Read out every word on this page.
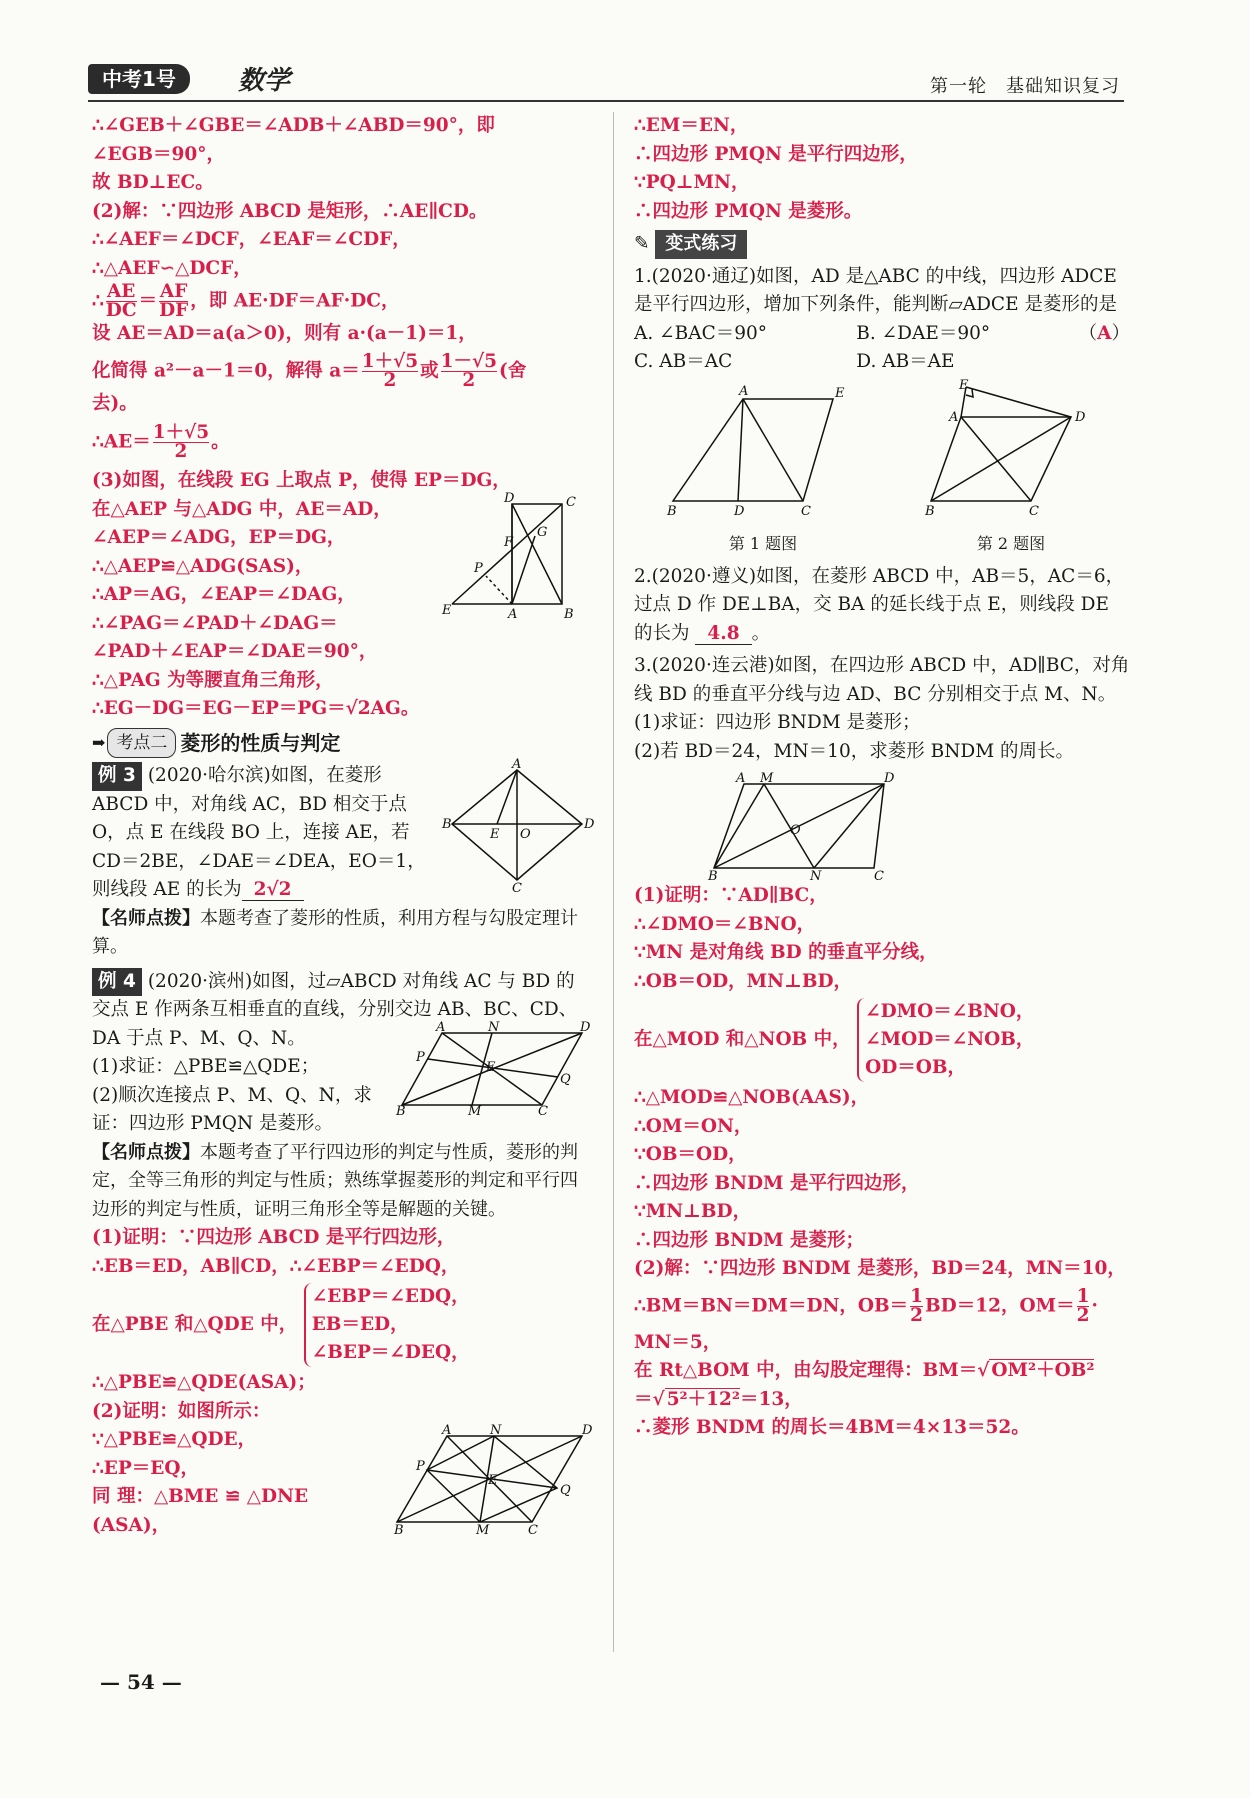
中考1号	数学	第一轮　基础知识复习
∴∠GEB＋∠GBE＝∠ADB＋∠ABD＝90°，即
∠EGB＝90°，
故 BD⊥EC。
(2)解：∵四边形 ABCD 是矩形，∴AE∥CD。
∴∠AEF＝∠DCF，∠EAF＝∠CDF，
∴△AEF∽△DCF，
∴ $\frac{AE}{DC} = \frac{AF}{DF}$ ，即 AE·DF＝AF·DC，
设 AE＝AD＝a(a＞0)，则有 a·(a－1)＝1，
化简得 a²－a－1＝0，解得 $a= \frac{1+√5}{2}$ 或 $\frac{1-√5}{2}$ (舍
去)。
∴AE＝ $\frac{1+√5}{2}$ 。
(3)如图，在线段 EG 上取点 P，使得 EP＝DG，
D	C
E	A	B
G
F
P
在△AEP 与△ADG 中，AE＝AD，
∠AEP＝∠ADG，EP＝DG，
∴△AEP≌△ADG(SAS)，
∴AP＝AG，∠EAP＝∠DAG，
∴∠PAG＝∠PAD＋∠DAG＝
∠PAD＋∠EAP＝∠DAE＝90°，
∴△PAG 为等腰直角三角形，
∴EG－DG＝EG－EP＝PG＝√2AG。
➡ 考点二 菱形的性质与判定
A
B	D
C
E O
例 3 (2020·哈尔滨)如图，在菱形 ABCD 中，对角线 AC，BD 相交于点 O，点 E 在线段 BO 上，连接 AE，若 CD＝2BE，∠DAE＝∠DEA，EO＝1，则线段 AE 的长为 2√2
【名师点拨】本题考查了菱形的性质，利用方程与勾股定理计算。
例 4 (2020·滨州)如图，过▱ABCD 对角线 AC 与 BD 的交点 E 作两条互相垂直的直线，分别交边 AB、BC、CD、DA 于点 P、M、Q、N。
A	N	D
P
E
Q
B	M	C
(1)求证：△PBE≌△QDE；
(2)顺次连接点 P、M、Q、N，求证：四边形 PMQN 是菱形。
【名师点拨】本题考查了平行四边形的判定与性质，菱形的判定，全等三角形的判定与性质；熟练掌握菱形的判定和平行四边形的判定与性质，证明三角形全等是解题的关键。
(1)证明：∵四边形 ABCD 是平行四边形，
∴EB＝ED，AB∥CD，∴∠EBP＝∠EDQ，
在△PBE 和△QDE 中，
∠EBP＝∠EDQ，
EB＝ED，
∠BEP＝∠DEQ，
∴△PBE≌△QDE(ASA)；
(2)证明：如图所示：
A	N	D
P
E
Q
B	M	C
∵△PBE≌△QDE，
∴EP＝EQ，
同 理：△BME ≌ △DNE
(ASA)，
∴EM＝EN，
∴四边形 PMQN 是平行四边形，
∵PQ⊥MN，
∴四边形 PMQN 是菱形。
✎ 变式练习
1.(2020·通辽)如图，AD 是△ABC 的中线，四边形 ADCE 是平行四边形，增加下列条件，能判断▱ADCE 是菱形的是
（A）
A. ∠BAC＝90°	B. ∠DAE＝90°
C. AB＝AC	D. AB＝AE
A	E
B	D	C
第 1 题图
E
A	D
B	C
第 2 题图
2.(2020·遵义)如图，在菱形 ABCD 中，AB＝5，AC＝6，过点 D 作 DE⊥BA，交 BA 的延长线于点 E，则线段 DE 的长为 4.8 。
3.(2020·连云港)如图，在四边形 ABCD 中，AD∥BC，对角线 BD 的垂直平分线与边 AD、BC 分别相交于点 M、N。
(1)求证：四边形 BNDM 是菱形；
(2)若 BD＝24，MN＝10，求菱形 BNDM 的周长。
A M	D
O
B	N	C
(1)证明：∵AD∥BC，
∴∠DMO＝∠BNO，
∵MN 是对角线 BD 的垂直平分线，
∴OB＝OD，MN⊥BD，
在△MOD 和△NOB 中，
∠DMO＝∠BNO，
∠MOD＝∠NOB，
OD＝OB，
∴△MOD≌△NOB(AAS)，
∴OM＝ON，
∵OB＝OD，
∴四边形 BNDM 是平行四边形，
∵MN⊥BD，
∴四边形 BNDM 是菱形；
(2)解：∵四边形 BNDM 是菱形，BD＝24，MN＝10，
∴BM＝BN＝DM＝DN，$OB= \frac{1}{2} BD=12$，$OM= \frac{1}{2}$ ·
MN＝5，
在 Rt△BOM 中，由勾股定理得：BM＝√ OM²＋OB²
＝√ 5²＋12²＝13，
∴菱形 BNDM 的周长＝4BM＝4×13＝52。
— 54 —
